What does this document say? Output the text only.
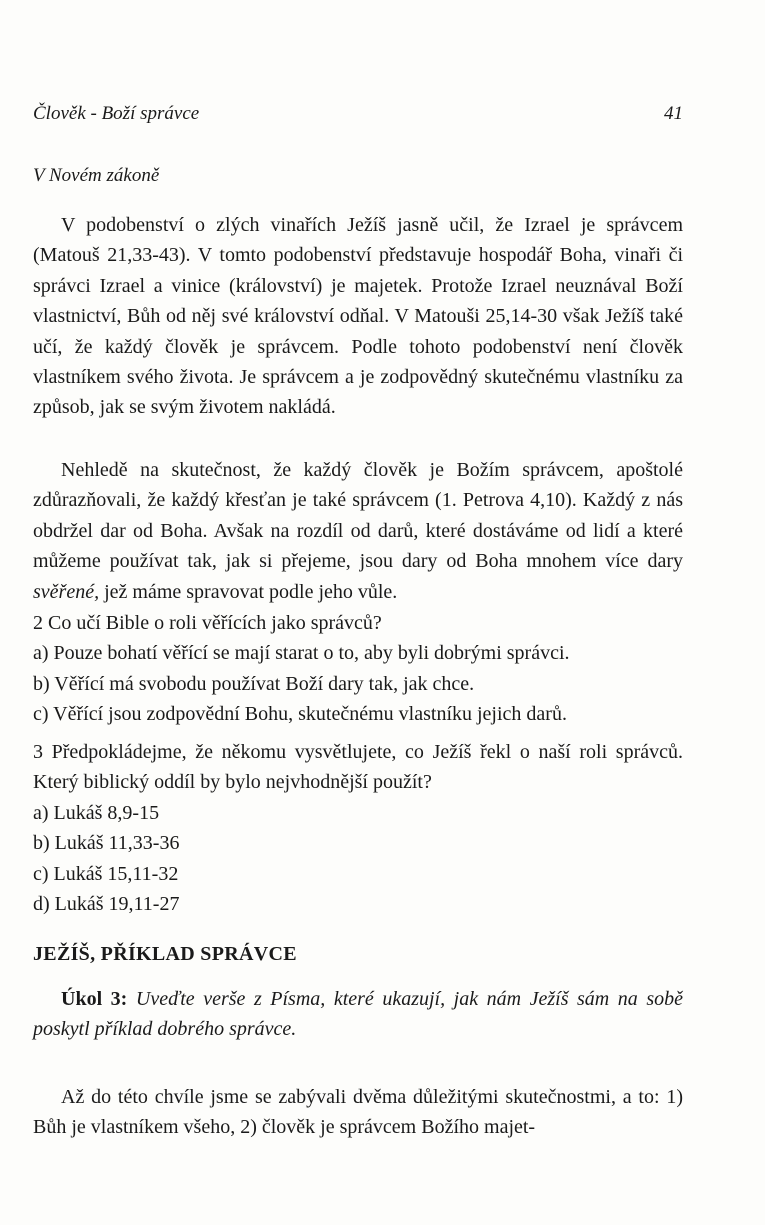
Člověk - Boží správce	41
V Novém zákoně

V podobenství o zlých vinařích Ježíš jasně učil, že Izrael je správcem (Matouš 21,33-43). V tomto podobenství představuje hospodář Boha, vinaři či správci Izrael a vinice (království) je majetek. Protože Izrael neuznával Boží vlastnictví, Bůh od něj své království odňal. V Matouši 25,14-30 však Ježíš také učí, že každý člověk je správcem. Podle tohoto podobenství není člověk vlastníkem svého života. Je správcem a je zodpovědný skutečnému vlastníku za způsob, jak se svým životem nakládá.

Nehledě na skutečnost, že každý člověk je Božím správcem, apoštolé zdůrazňovali, že každý křesťan je také správcem (1. Petrova 4,10). Každý z nás obdržel dar od Boha. Avšak na rozdíl od darů, které dostáváme od lidí a které můžeme používat tak, jak si přejeme, jsou dary od Boha mnohem více dary svěřené, jež máme spravovat podle jeho vůle.

2 Co učí Bible o roli věřících jako správců?

a) Pouze bohatí věřící se mají starat o to, aby byli dobrými správci.
b) Věřící má svobodu používat Boží dary tak, jak chce.
c) Věřící jsou zodpovědní Bohu, skutečnému vlastníku jejich darů.

3 Předpokládejme, že někomu vysvětlujete, co Ježíš řekl o naší roli správců. Který biblický oddíl by bylo nejvhodnější použít?

a) Lukáš 8,9-15
b) Lukáš 11,33-36
c) Lukáš 15,11-32
d) Lukáš 19,11-27
JEŽÍŠ, PŘÍKLAD SPRÁVCE

Úkol 3: Uveďte verše z Písma, které ukazují, jak nám Ježíš sám na sobě poskytl příklad dobrého správce.

Až do této chvíle jsme se zabývali dvěma důležitými skutečnostmi, a to: 1) Bůh je vlastníkem všeho, 2) člověk je správcem Božího majet-
